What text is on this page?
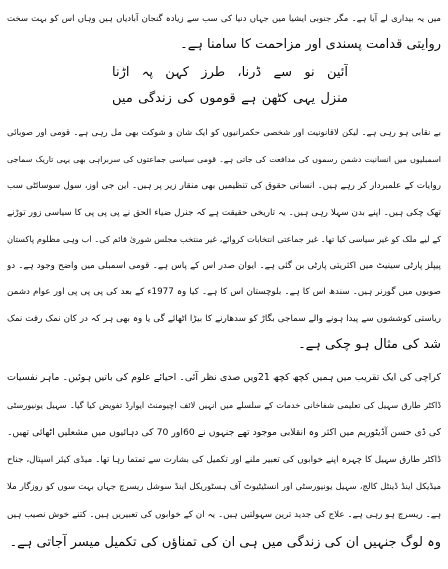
میں یہ بیداری لے آیا ہے۔ مگر جنوبی ایشیا میں جہاں دنیا کی سب سے زیادہ گنجان آبادیاں ہیں وہاں اس کو بہت سخت
روایتی قدامت پسندی اور مزاحمت کا سامنا ہے۔
آئین نو سے ڈرنا، طرز کہن پہ اڑنا
منزل یہی کٹھن ہے قوموں کی زندگی میں
بے نقابی ہو رہی ہے۔ لیکن لاقانونیت اور شخصی حکمرانیوں کو ایک شان و شوکت بھی مل رہی ہے۔ قومی اور صوبائی
اسمبلیوں میں انسانیت دشمن رسموں کی مدافعت کی جاتی ہے۔ قومی سیاسی جماعتوں کی سربراہی بھی یہی تاریک سماجی
روایات کے علمبردار کر رہے ہیں۔ انسانی حقوق کی تنظیمیں بھی منقار زیر پر ہیں۔ این جی اوز، سول سوسائٹی سب
تھک چکی ہیں۔ اپنے بدن سہلا رہی ہیں۔ یہ تاریخی حقیقت ہے کہ جنرل ضیاء الحق نے پی پی پی کا سیاسی زور توڑنے
کے لیے ملک کو غیر سیاسی کیا تھا۔ غیر جماعتی انتخابات کروائے، غیر منتخب مجلس شوریٰ قائم کی۔ اب وہی مظلوم پاکستان
پیپلز پارٹی سینیٹ میں اکثریتی پارٹی بن گئی ہے۔ ایوان صدر اس کے پاس ہے۔ قومی اسمبلی میں واضح وجود ہے۔ دو
صوبوں میں گورنر ہیں۔ سندھ اس کا ہے۔ بلوچستان اس کا ہے۔ کیا وہ 1977ء کے بعد کی پی پی پی اور عوام دشمن
ریاستی کوششوں سے پیدا ہونے والے سماجی بگاڑ کو سدھارنے کا بیڑا اٹھائے گی یا وہ بھی ہر کہ در کان نمک رفت نمک
شد کی مثال ہو چکی ہے۔
کراچی کی ایک تقریب میں ہمیں کچھ کچھ 21ویں صدی نظر آئی۔ احیائے علوم کی باتیں ہوئیں۔ ماہر نفسیات
ڈاکٹر طارق سہیل کی تعلیمی شفاخانی خدمات کے سلسلے میں انہیں لائف اچیومنٹ ایوارڈ تفویض کیا گیا۔ سہیل یونیورسٹی
کی ڈی حسن آڈیٹوریم میں اکثر وہ انقلابی موجود تھے جنہوں نے 60اور 70 کی دہائیوں میں مشعلیں اٹھائی تھیں۔
ڈاکٹر طارق سہیل کا چہرہ اپنے خوابوں کی تعبیر ملنے اور تکمیل کی بشارت سے تمتما رہا تھا۔ میڈی کیئر اسپتال، جناح
میڈیکل اینڈ ڈینٹل کالج، سہیل یونیورسٹی اور انسٹیٹیوٹ آف ہسٹوریکل اینڈ سوشل ریسرچ جہاں بہت سوں کو روزگار ملا
ہے۔ ریسرچ ہو رہی ہے۔ علاج کی جدید ترین سہولتیں ہیں۔ یہ ان کے خوابوں کی تعبیریں ہیں۔ کتنے خوش نصیب ہیں
وہ لوگ جنہیں ان کی زندگی میں ہی ان کی تمناؤں کی تکمیل میسر آجاتی ہے۔
